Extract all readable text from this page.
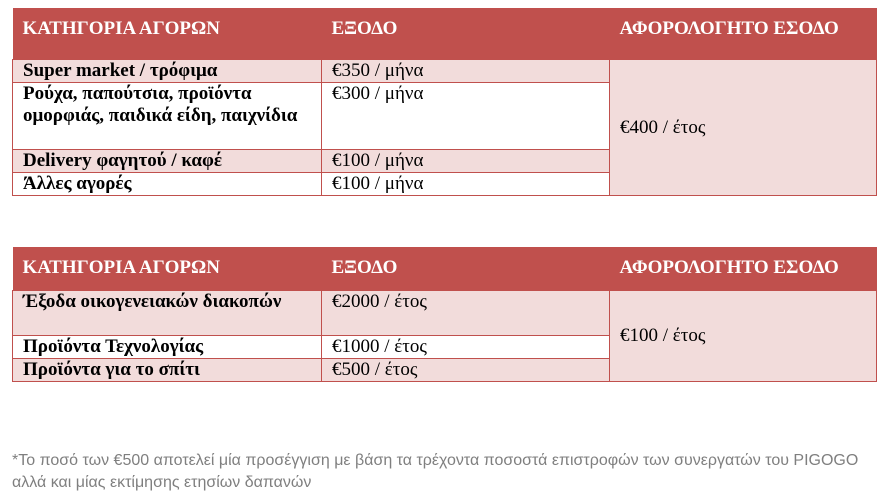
ΚΑΤΗΓΟΡΙΑ ΑΓΟΡΩΝ	ΕΞΟΔΟ	ΑΦΟΡΟΛΟΓΗΤΟ ΕΣΟΔΟ
Super market / τρόφιμα	€350 / μήνα	€400 / έτος
Ρούχα, παπούτσια, προϊόντα ομορφιάς, παιδικά είδη, παιχνίδια	€300 / μήνα	
Delivery φαγητού / καφέ	€100 / μήνα	
Άλλες αγορές	€100 / μήνα	
ΚΑΤΗΓΟΡΙΑ ΑΓΟΡΩΝ	ΕΞΟΔΟ	ΑΦΟΡΟΛΟΓΗΤΟ ΕΣΟΔΟ
Έξοδα οικογενειακών διακοπών	€2000 / έτος	€100 / έτος
Προϊόντα Τεχνολογίας	€1000 / έτος	
Προϊόντα για το σπίτι	€500 / έτος	
*Το ποσό των €500 αποτελεί μία προσέγγιση με βάση τα τρέχοντα ποσοστά επιστροφών των συνεργατών του PIGOGO αλλά και μίας εκτίμησης ετησίων δαπανών
